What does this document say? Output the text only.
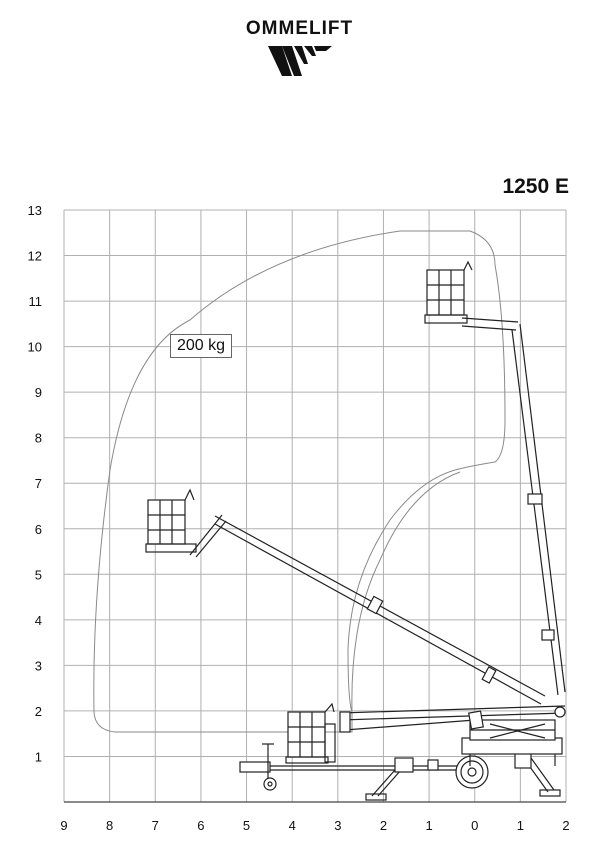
OMMELIFT
1250 E
13
12
11
10
9
8
7
6
5
4
3
2
1
9	8	7	6	5	4	3	2	1	0	1	2
200 kg
